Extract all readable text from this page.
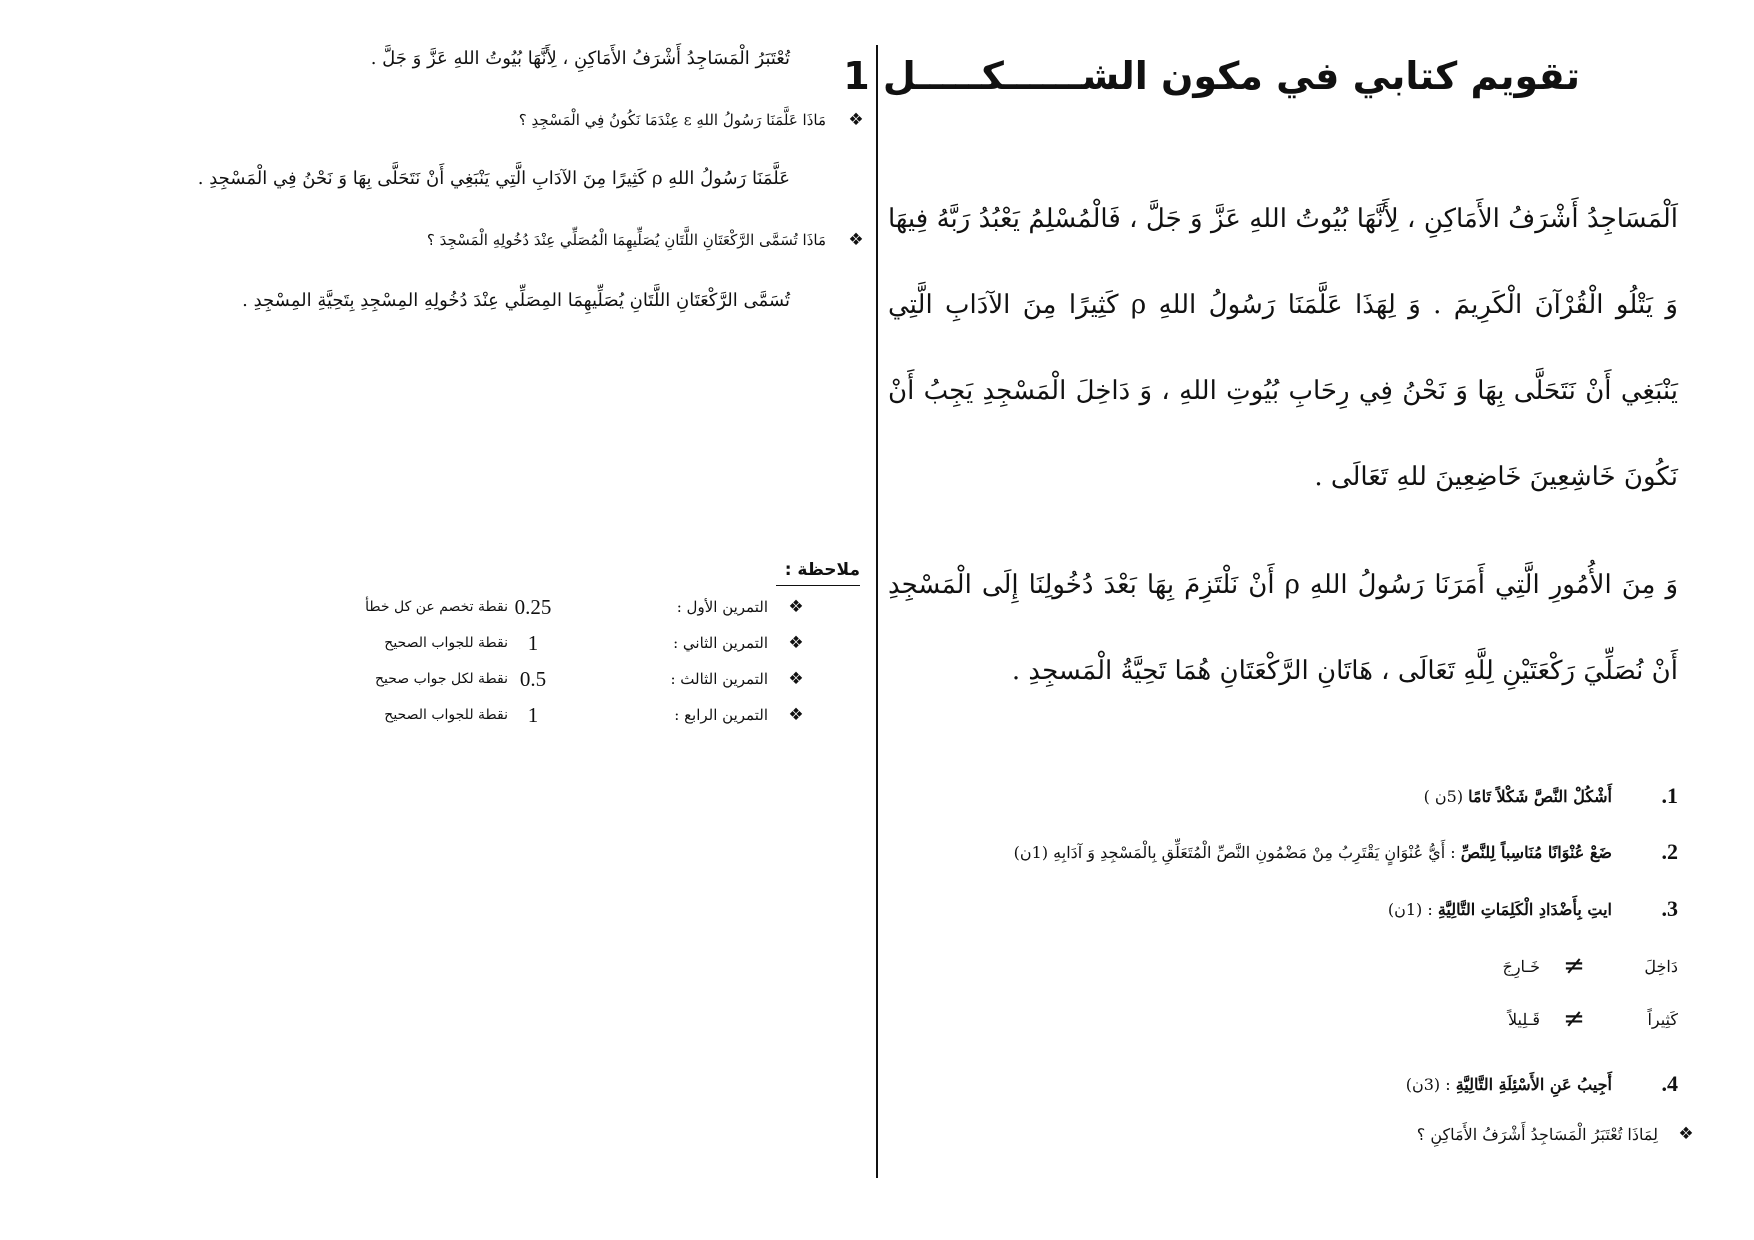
تقويم كتابي في مكون الشــــــكـــــل 1

اَلْمَسَاجِدُ أَشْرَفُ الأَمَاكِنِ ، لِأَنَّهَا بُيُوتُ اللهِ عَزَّ وَ جَلَّ ، فَالْمُسْلِمُ يَعْبُدُ رَبَّهُ فِيهَا وَ يَتْلُو الْقُرْآنَ الْكَرِيمَ . وَ لِهَذَا عَلَّمَنَا رَسُولُ اللهِ ρ كَثِيرًا مِنَ الآدَابِ الَّتِي يَنْبَغِي أَنْ نَتَحَلَّى بِهَا وَ نَحْنُ فِي رِحَابِ بُيُوتِ اللهِ ، وَ دَاخِلَ الْمَسْجِدِ يَجِبُ أَنْ نَكُونَ خَاشِعِينَ خَاضِعِينَ للهِ تَعَالَى .

وَ مِنَ الأُمُورِ الَّتِي أَمَرَنَا رَسُولُ اللهِ ρ أَنْ نَلْتَزِمَ بِهَا بَعْدَ دُخُولِنَا إِلَى الْمَسْجِدِ أَنْ نُصَلِّيَ رَكْعَتَيْنِ لِلَّهِ تَعَالَى ، هَاتَانِ الرَّكْعَتَانِ هُمَا تَحِيَّةُ الْمَسجِدِ .

1.
أَشْكُلْ النَّصَّ شَكْلاً تَامًا (5ن )
2.
ضَعْ عُنْوَانًا مُنَاسِباً لِلنَّصِّ : أَيُّ عُنْوَانٍ يَقْتَرِبُ مِنْ مَضْمُونِ النَّصِّ الْمُتَعَلِّقِ بِالْمَسْجِدِ وَ آدَابِهِ (1ن)
3.
ايتِ بِأَضْدَادِ الْكَلِمَاتِ التَّالِيَّةِ : (1ن)
دَاخِلَ
≠
خَـارِجَ
كَثِيراً
≠
قَـلِيلاً
4.
أَجِيبُ عَنِ الأَسْئِلَةِ التَّالِيَّةِ : (3ن)
❖
لِمَاذَا تُعْتَبَرُ الْمَسَاجِدُ أَشْرَفُ الأَمَاكِنِ ؟
تُعْتَبَرُ الْمَسَاجِدُ أَشْرَفُ الأَمَاكِنِ ، لِأَنَّهَا بُيُوتُ اللهِ عَزَّ وَ جَلَّ .
❖
مَاذَا عَلَّمَنَا رَسُولُ اللهِ ε عِنْدَمَا نَكُونُ فِي الْمَسْجِدِ ؟
عَلَّمَنَا رَسُولُ اللهِ ρ كَثِيرًا مِنَ الآدَابِ الَّتِي يَنْبَغِي أَنْ نَتَحَلَّى بِهَا وَ نَحْنُ فِي الْمَسْجِدِ .
❖
مَاذَا تُسَمَّى الرَّكْعَتَانِ اللَّتَانِ يُصَلِّيهِمَا الْمُصَلِّي عِنْدَ دُخُولِهِ الْمَسْجِدَ ؟
تُسَمَّى الرَّكْعَتَانِ اللَّتَانِ يُصَلِّيهِمَا المِصَلِّي عِنْدَ دُخُولِهِ المِسْجِدِ بِتَحِيَّةِ المِسْجِدِ .
ملاحظة :
❖
التمرين الأول :
0.25
نقطة تخصم عن كل خطأ
❖
التمرين الثاني :
1
نقطة للجواب الصحيح
❖
التمرين الثالث :
0.5
نقطة لكل جواب صحيح
❖
التمرين الرابع :
1
نقطة للجواب الصحيح
